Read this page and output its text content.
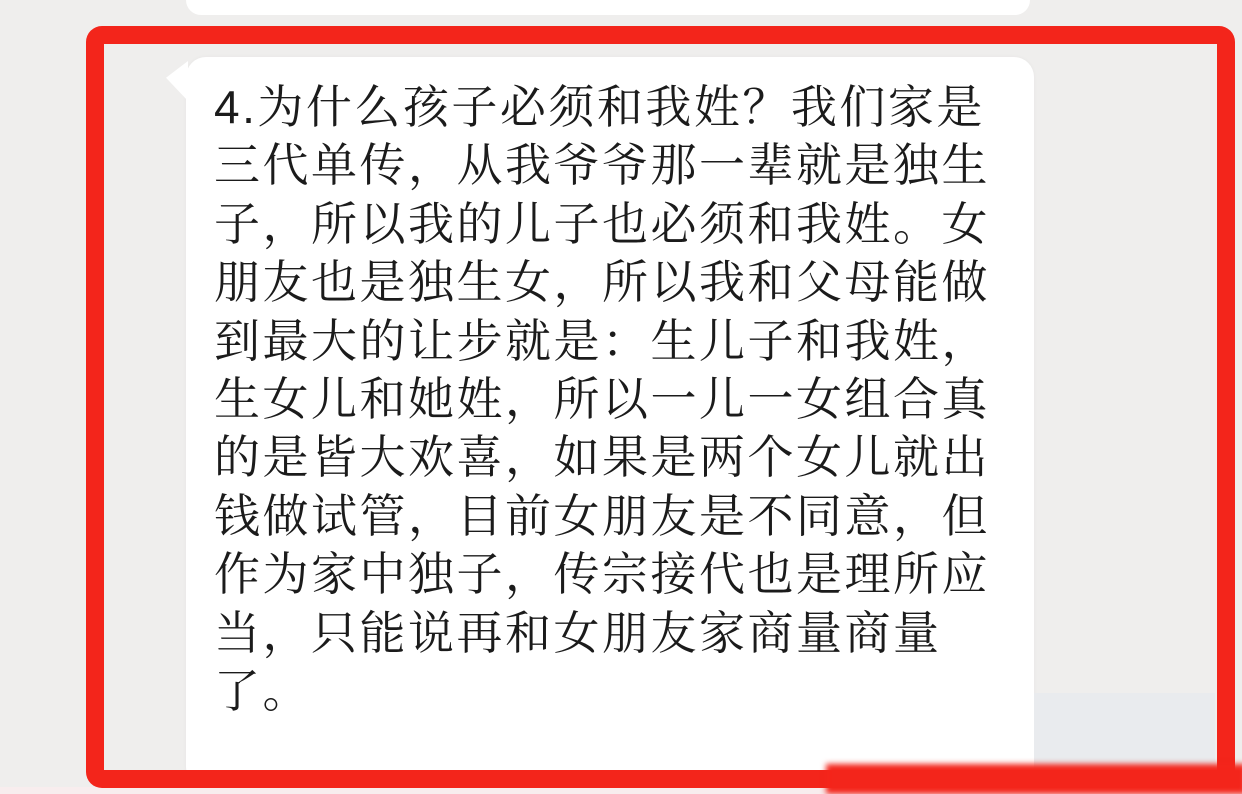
4.为什么孩子必须和我姓？我们家是
三代单传，从我爷爷那一辈就是独生
子，所以我的儿子也必须和我姓。女
朋友也是独生女，所以我和父母能做
到最大的让步就是：生儿子和我姓，
生女儿和她姓，所以一儿一女组合真
的是皆大欢喜，如果是两个女儿就出
钱做试管，目前女朋友是不同意，但
作为家中独子，传宗接代也是理所应
当，只能说再和女朋友家商量商量
了。
